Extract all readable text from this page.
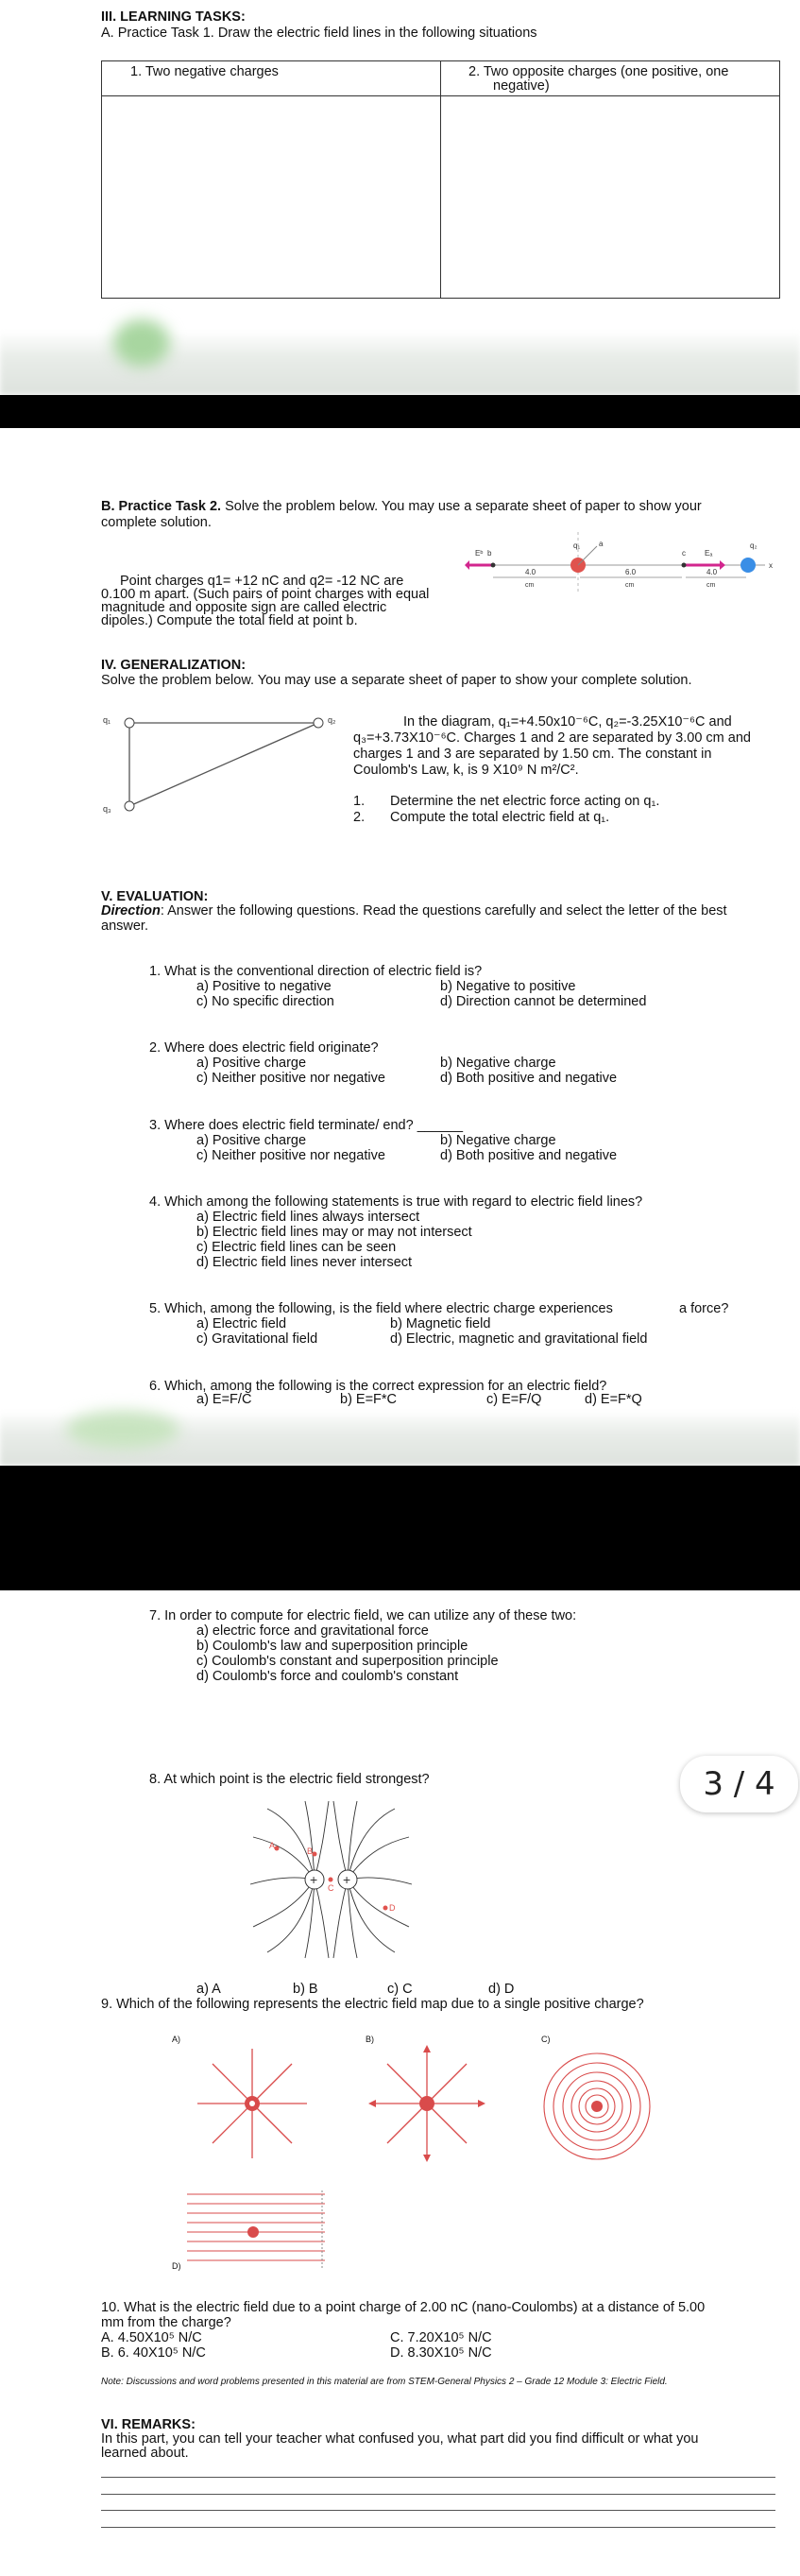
III. LEARNING TASKS:
A. Practice Task 1. Draw the electric field lines in the following situations
1. Two negative charges	2. Two opposite charges (one positive, one
negative)
B. Practice Task 2. Solve the problem below. You may use a separate sheet of paper to show your
complete solution.
Point charges q1= +12 nC and q2= -12 NC are
0.100 m apart. (Such pairs of point charges with equal
magnitude and opposite sign are called electric
dipoles.) Compute the total field at point b.
Eᵇ b
q₁ a
c	Eₐ
q₂
x
4.0
cm
6.0
cm
4.0
cm
IV. GENERALIZATION:
Solve the problem below. You may use a separate sheet of paper to show your complete solution.
q₁	q₂
q₃
In the diagram, q₁=+4.50x10⁻⁶C, q₂=-3.25X10⁻⁶C and
q₃=+3.73X10⁻⁶C. Charges 1 and 2 are separated by 3.00 cm and
charges 1 and 3 are separated by 1.50 cm. The constant in
Coulomb's Law, k, is 9 X10⁹ N m²/C².
1. Determine the net electric force acting on q₁.
2. Compute the total electric field at q₁.
V. EVALUATION:
Direction: Answer the following questions. Read the questions carefully and select the letter of the best
answer.
1. What is the conventional direction of electric field is?
a) Positive to negative	b) Negative to positive
c) No specific direction	d) Direction cannot be determined
2. Where does electric field originate?
a) Positive charge	b) Negative charge
c) Neither positive nor negative	d) Both positive and negative
3. Where does electric field terminate/ end? ______
a) Positive charge	b) Negative charge
c) Neither positive nor negative	d) Both positive and negative
4. Which among the following statements is true with regard to electric field lines?
a) Electric field lines always intersect
b) Electric field lines may or may not intersect
c) Electric field lines can be seen
d) Electric field lines never intersect
5. Which, among the following, is the field where electric charge experiences	a force?
a) Electric field	b) Magnetic field
c) Gravitational field	d) Electric, magnetic and gravitational field
6. Which, among the following is the correct expression for an electric field?
a) E=F/C	b) E=F*C	c) E=F/Q	d) E=F*Q
7. In order to compute for electric field, we can utilize any of these two:
a) electric force and gravitational force
b) Coulomb's law and superposition principle
c) Coulomb's constant and superposition principle
d) Coulomb's force and coulomb's constant
8. At which point is the electric field strongest?
+ +
A
B
C
D
a) A	b) B	c) C	d) D
3 / 4
9. Which of the following represents the electric field map due to a single positive charge?
A)	B)	C)
D)
10. What is the electric field due to a point charge of 2.00 nC (nano-Coulombs) at a distance of 5.00
mm from the charge?
A. 4.50X10⁵ N/C	C. 7.20X10⁵ N/C
B. 6. 40X10⁵ N/C	D. 8.30X10⁵ N/C
Note: Discussions and word problems presented in this material are from STEM-General Physics 2 – Grade 12 Module 3: Electric Field.
VI. REMARKS:
In this part, you can tell your teacher what confused you, what part did you find difficult or what you
learned about.
